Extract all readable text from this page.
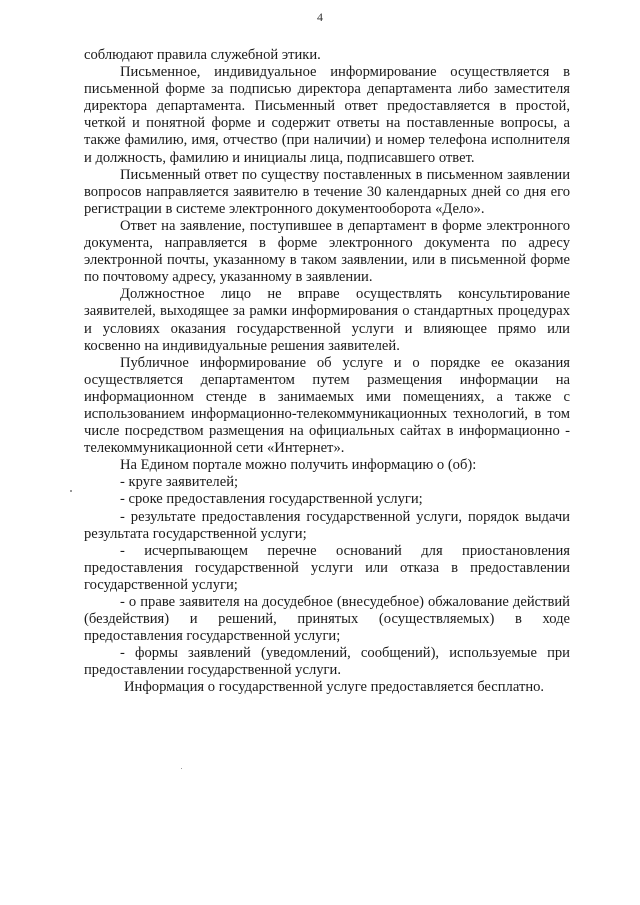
4

соблюдают правила служебной этики.

Письменное, индивидуальное информирование осуществляется в письменной форме за подписью директора департамента либо заместителя директора департамента. Письменный ответ предоставляется в простой, четкой и понятной форме и содержит ответы на поставленные вопросы, а также фамилию, имя, отчество (при наличии) и номер телефона исполнителя и должность, фамилию и инициалы лица, подписавшего ответ.

Письменный ответ по существу поставленных в письменном заявлении вопросов направляется заявителю в течение 30 календарных дней со дня его регистрации в системе электронного документооборота «Дело».

Ответ на заявление, поступившее в департамент в форме электронного документа, направляется в форме электронного документа по адресу электронной почты, указанному в таком заявлении, или в письменной форме по почтовому адресу, указанному в заявлении.

Должностное лицо не вправе осуществлять консультирование заявителей, выходящее за рамки информирования о стандартных процедурах и условиях оказания государственной услуги и влияющее прямо или косвенно на индивидуальные решения заявителей.

Публичное информирование об услуге и о порядке ее оказания осуществляется департаментом путем размещения информации на информационном стенде в занимаемых ими помещениях, а также с использованием информационно-телекоммуникационных технологий, в том числе посредством размещения на официальных сайтах в информационно - телекоммуникационной сети «Интернет».

На Едином портале можно получить информацию о (об):

- круге заявителей;

- сроке предоставления государственной услуги;

- результате предоставления государственной услуги, порядок выдачи результата государственной услуги;

- исчерпывающем перечне оснований для приостановления предоставления государственной услуги или отказа в предоставлении государственной услуги;

- о праве заявителя на досудебное (внесудебное) обжалование действий (бездействия) и решений, принятых (осуществляемых) в ходе предоставления государственной услуги;

- формы заявлений (уведомлений, сообщений), используемые при предоставлении государственной услуги.

Информация о государственной услуге предоставляется бесплатно.
